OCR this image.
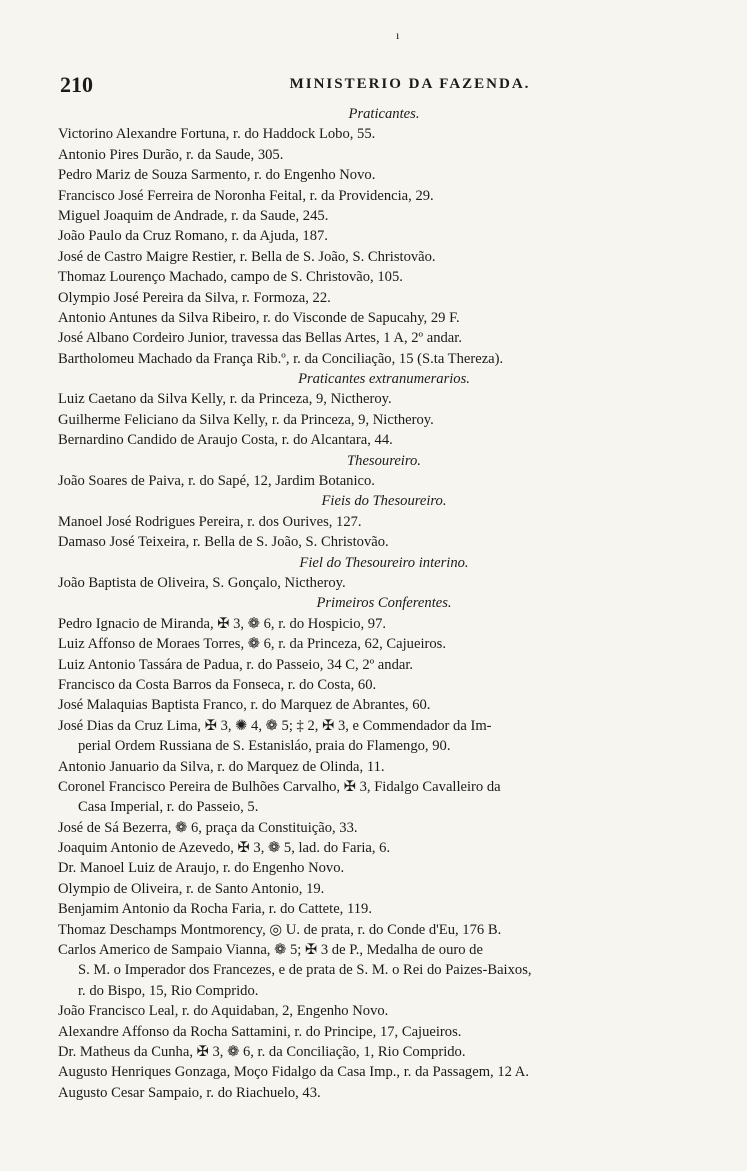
ı
210	MINISTERIO DA FAZENDA.
Praticantes.
Victorino Alexandre Fortuna, r. do Haddock Lobo, 55.
Antonio Pires Durão, r. da Saude, 305.
Pedro Mariz de Souza Sarmento, r. do Engenho Novo.
Francisco José Ferreira de Noronha Feital, r. da Providencia, 29.
Miguel Joaquim de Andrade, r. da Saude, 245.
João Paulo da Cruz Romano, r. da Ajuda, 187.
José de Castro Maigre Restier, r. Bella de S. João, S. Christovão.
Thomaz Lourenço Machado, campo de S. Christovão, 105.
Olympio José Pereira da Silva, r. Formoza, 22.
Antonio Antunes da Silva Ribeiro, r. do Visconde de Sapucahy, 29 F.
José Albano Cordeiro Junior, travessa das Bellas Artes, 1 A, 2º andar.
Bartholomeu Machado da França Rib.º, r. da Conciliação, 15 (S.ta Thereza).
Praticantes extranumerarios.
Luiz Caetano da Silva Kelly, r. da Princeza, 9, Nictheroy.
Guilherme Feliciano da Silva Kelly, r. da Princeza, 9, Nictheroy.
Bernardino Candido de Araujo Costa, r. do Alcantara, 44.
Thesoureiro.
João Soares de Paiva, r. do Sapé, 12, Jardim Botanico.
Fieis do Thesoureiro.
Manoel José Rodrigues Pereira, r. dos Ourives, 127.
Damaso José Teixeira, r. Bella de S. João, S. Christovão.
Fiel do Thesoureiro interino.
João Baptista de Oliveira, S. Gonçalo, Nictheroy.
Primeiros Conferentes.
Pedro Ignacio de Miranda, ✠ 3, ❁ 6, r. do Hospicio, 97.
Luiz Affonso de Moraes Torres, ❁ 6, r. da Princeza, 62, Cajueiros.
Luiz Antonio Tassára de Padua, r. do Passeio, 34 C, 2º andar.
Francisco da Costa Barros da Fonseca, r. do Costa, 60.
José Malaquias Baptista Franco, r. do Marquez de Abrantes, 60.
José Dias da Cruz Lima, ✠ 3, ✺ 4, ❁ 5; ‡ 2, ✠ 3, e Commendador da Im-
perial Ordem Russiana de S. Estanisláo, praia do Flamengo, 90.
Antonio Januario da Silva, r. do Marquez de Olinda, 11.
Coronel Francisco Pereira de Bulhões Carvalho, ✠ 3, Fidalgo Cavalleiro da
Casa Imperial, r. do Passeio, 5.
José de Sá Bezerra, ❁ 6, praça da Constituição, 33.
Joaquim Antonio de Azevedo, ✠ 3, ❁ 5, lad. do Faria, 6.
Dr. Manoel Luiz de Araujo, r. do Engenho Novo.
Olympio de Oliveira, r. de Santo Antonio, 19.
Benjamim Antonio da Rocha Faria, r. do Cattete, 119.
Thomaz Deschamps Montmorency, ◎ U. de prata, r. do Conde d'Eu, 176 B.
Carlos Americo de Sampaio Vianna, ❁ 5; ✠ 3 de P., Medalha de ouro de
S. M. o Imperador dos Francezes, e de prata de S. M. o Rei do Paizes-Baixos,
r. do Bispo, 15, Rio Comprido.
João Francisco Leal, r. do Aquidaban, 2, Engenho Novo.
Alexandre Affonso da Rocha Sattamini, r. do Principe, 17, Cajueiros.
Dr. Matheus da Cunha, ✠ 3, ❁ 6, r. da Conciliação, 1, Rio Comprido.
Augusto Henriques Gonzaga, Moço Fidalgo da Casa Imp., r. da Passagem, 12 A.
Augusto Cesar Sampaio, r. do Riachuelo, 43.
